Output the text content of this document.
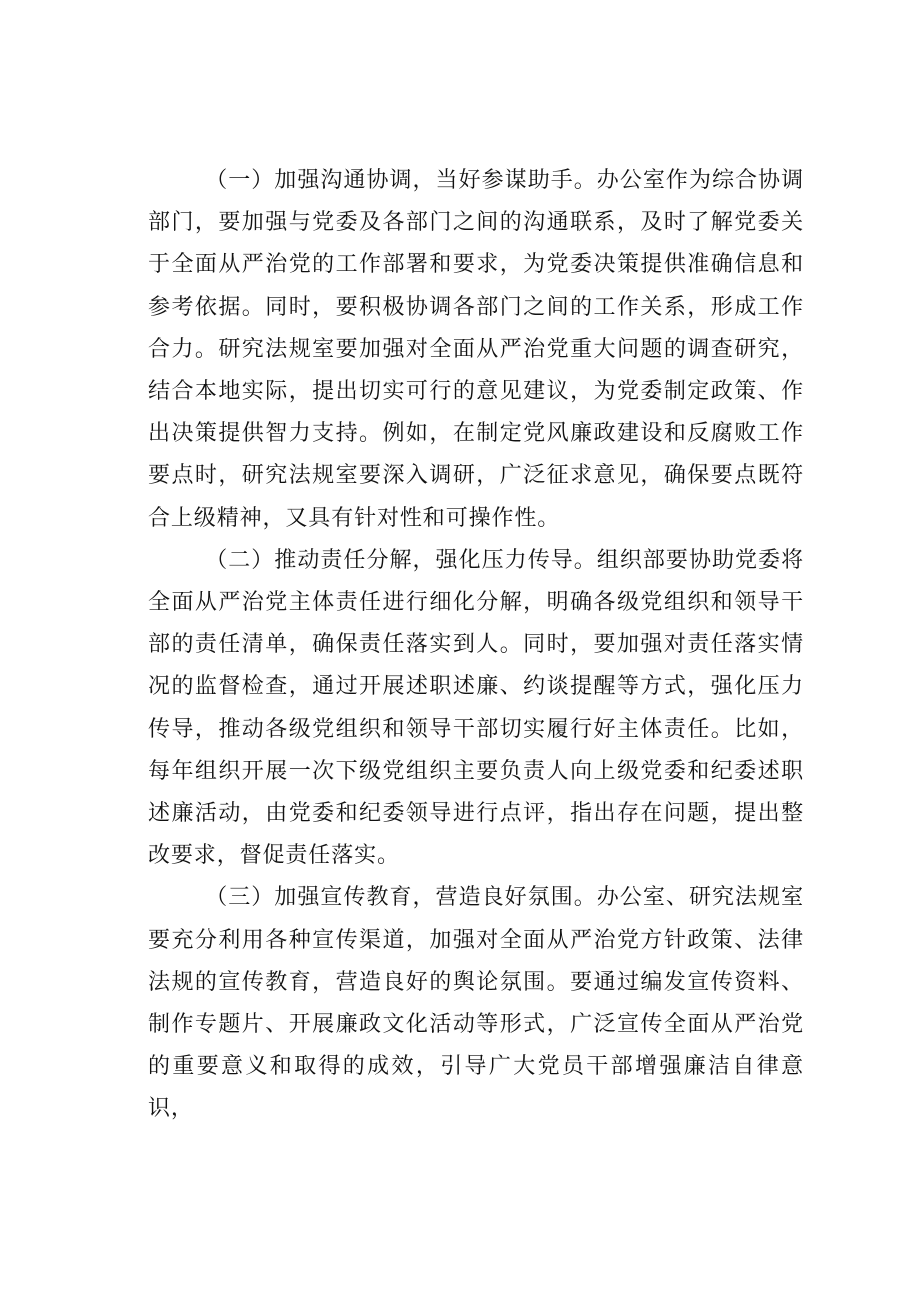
（一）加强沟通协调，当好参谋助手。办公室作为综合协调部门，要加强与党委及各部门之间的沟通联系，及时了解党委关于全面从严治党的工作部署和要求，为党委决策提供准确信息和参考依据。同时，要积极协调各部门之间的工作关系，形成工作合力。研究法规室要加强对全面从严治党重大问题的调查研究，结合本地实际，提出切实可行的意见建议，为党委制定政策、作出决策提供智力支持。例如，在制定党风廉政建设和反腐败工作要点时，研究法规室要深入调研，广泛征求意见，确保要点既符合上级精神，又具有针对性和可操作性。

（二）推动责任分解，强化压力传导。组织部要协助党委将全面从严治党主体责任进行细化分解，明确各级党组织和领导干部的责任清单，确保责任落实到人。同时，要加强对责任落实情况的监督检查，通过开展述职述廉、约谈提醒等方式，强化压力传导，推动各级党组织和领导干部切实履行好主体责任。比如，每年组织开展一次下级党组织主要负责人向上级党委和纪委述职述廉活动，由党委和纪委领导进行点评，指出存在问题，提出整改要求，督促责任落实。

（三）加强宣传教育，营造良好氛围。办公室、研究法规室要充分利用各种宣传渠道，加强对全面从严治党方针政策、法律法规的宣传教育，营造良好的舆论氛围。要通过编发宣传资料、制作专题片、开展廉政文化活动等形式，广泛宣传全面从严治党的重要意义和取得的成效，引导广大党员干部增强廉洁自律意识，
